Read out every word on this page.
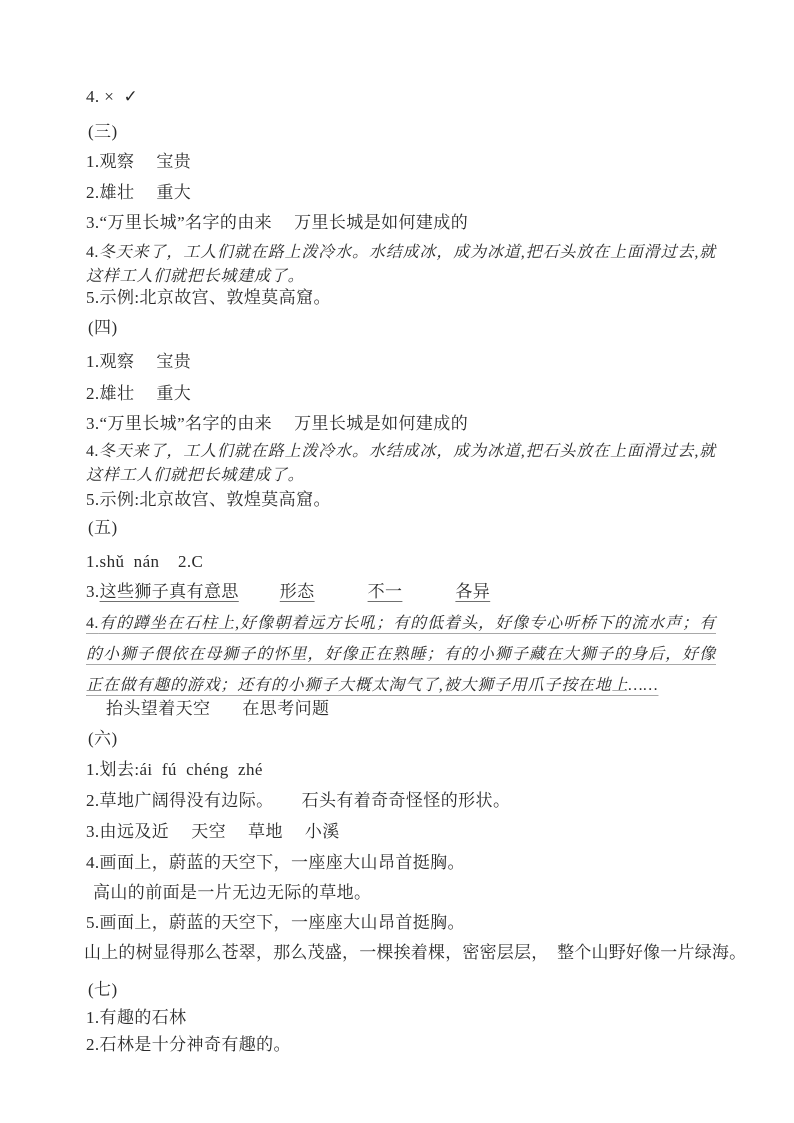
4. ×  ✓
(三)
1.观察　 宝贵
2.雄壮　 重大
3.“万里长城”名字的由来　 万里长城是如何建成的
4.冬天来了，工人们就在路上泼冷水。水结成冰，成为冰道,把石头放在上面滑过去,就这样工人们就把长城建成了。
5.示例:北京故宫、敦煌莫高窟。
(四)
1.观察　 宝贵
2.雄壮　 重大
3.“万里长城”名字的由来　 万里长城是如何建成的
4.冬天来了，工人们就在路上泼冷水。水结成冰，成为冰道,把石头放在上面滑过去,就这样工人们就把长城建成了。
5.示例:北京故宫、敦煌莫高窟。
(五)
1.shǔ  nán    2.C
3.这些狮子真有意思 形态	不一	各异
4.有的蹲坐在石柱上,好像朝着远方长吼；有的低着头，好像专心听桥下的流水声；有的小狮子偎依在母狮子的怀里，好像正在熟睡；有的小狮子藏在大狮子的身后，好像正在做有趣的游戏；还有的小狮子大概太淘气了,被大狮子用爪子按在地上……
抬头望着天空 在思考问题
(六)
1.划去:ái  fú  chéng  zhé
2.草地广阔得没有边际。 石头有着奇奇怪怪的形状。
3.由远及近　 天空　 草地　 小溪
4.画面上，蔚蓝的天空下，一座座大山昂首挺胸。
高山的前面是一片无边无际的草地。
5.画面上，蔚蓝的天空下，一座座大山昂首挺胸。
山上的树显得那么苍翠，那么茂盛，一棵挨着棵，密密层层，　整个山野好像一片绿海。
(七)
1.有趣的石林
2.石林是十分神奇有趣的。
